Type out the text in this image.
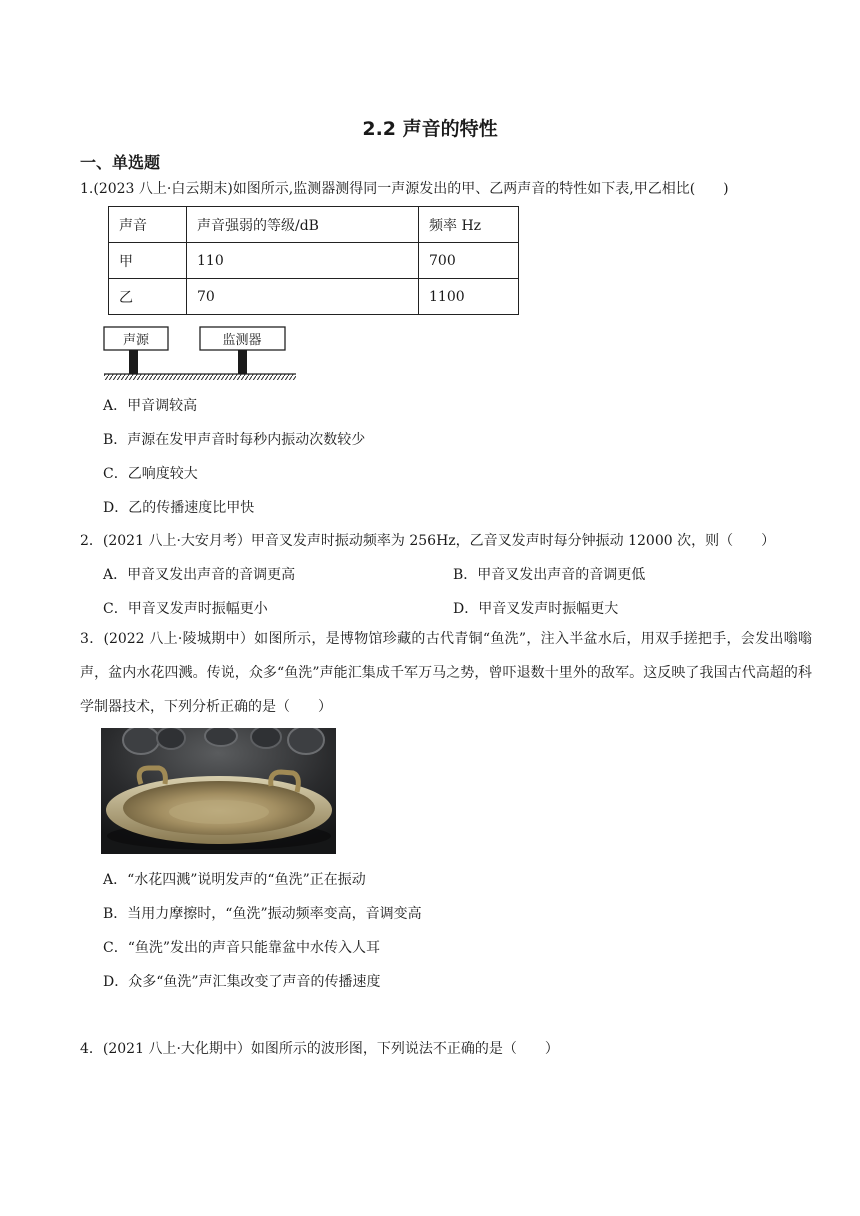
2.2 声音的特性
一、单选题
1.(2023 八上·白云期末)如图所示,监测器测得同一声源发出的甲、乙两声音的特性如下表,甲乙相比(　　)
声音	声音强弱的等级/dB	频率 Hz
甲	110	700
乙	70	1100
声源	监测器
A．甲音调较高
B．声源在发甲声音时每秒内振动次数较少
C．乙响度较大
D．乙的传播速度比甲快
2．(2021 八上·大安月考）甲音叉发声时振动频率为 256Hz，乙音叉发声时每分钟振动 12000 次，则（　　）
A．甲音叉发出声音的音调更高	B．甲音叉发出声音的音调更低
C．甲音叉发声时振幅更小	D．甲音叉发声时振幅更大
3．(2022 八上·陵城期中）如图所示，是博物馆珍藏的古代青铜“鱼洗”，注入半盆水后，用双手搓把手，会发出嗡嗡声，盆内水花四溅。传说，众多“鱼洗”声能汇集成千军万马之势，曾吓退数十里外的敌军。这反映了我国古代高超的科学制器技术，下列分析正确的是（　　）
A．“水花四溅”说明发声的“鱼洗”正在振动
B．当用力摩擦时，“鱼洗”振动频率变高，音调变高
C．“鱼洗”发出的声音只能靠盆中水传入人耳
D．众多“鱼洗”声汇集改变了声音的传播速度
4．(2021 八上·大化期中）如图所示的波形图，下列说法不正确的是（　　）
